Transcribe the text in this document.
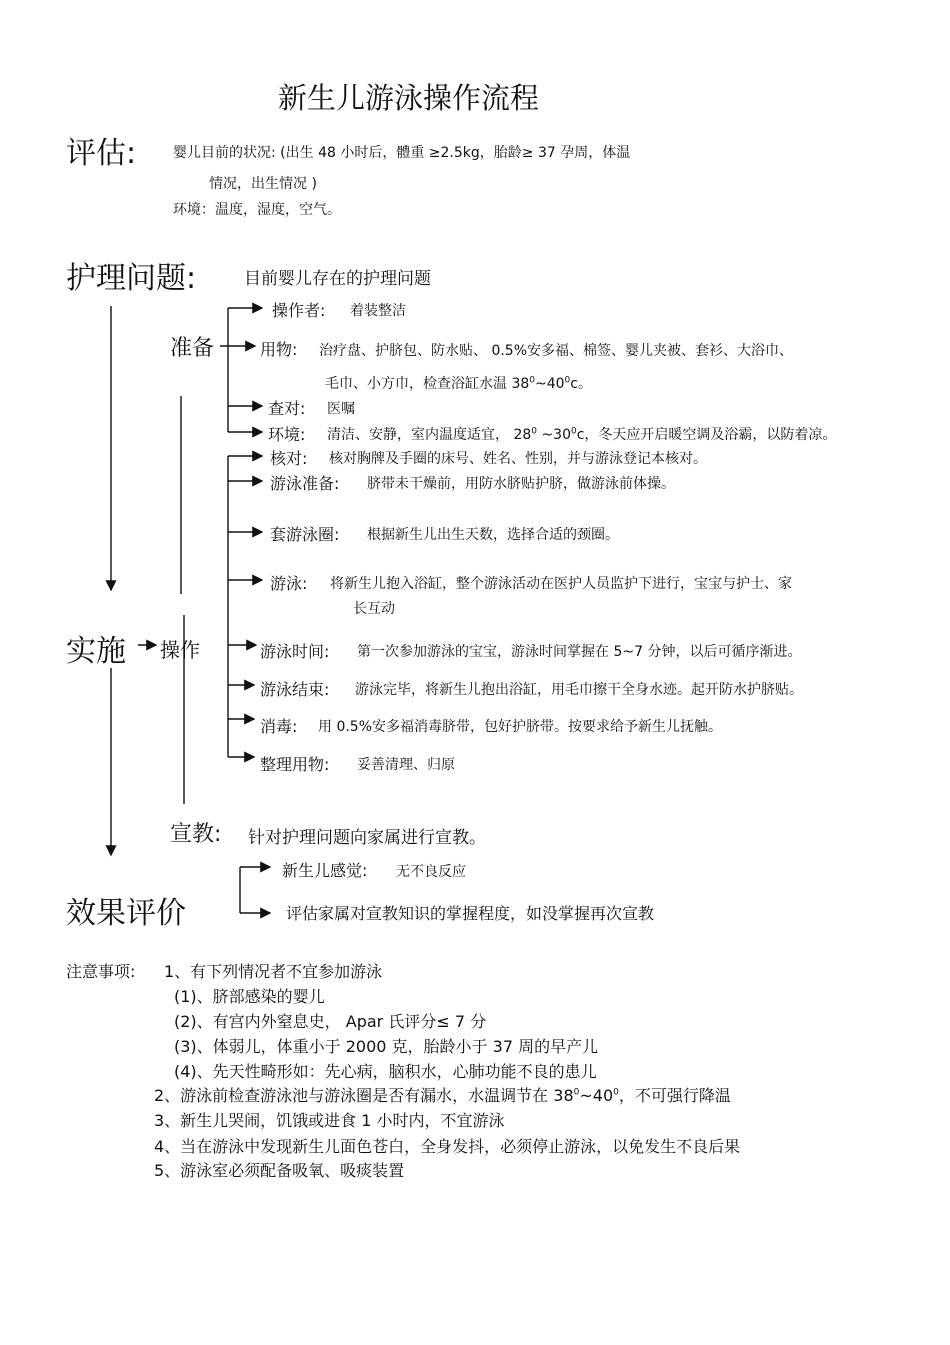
新生儿游泳操作流程
评估:	婴儿目前的状况: (出生 48 小时后，體重 ≥2.5kg，胎龄≥ 37 孕周，体温
情况，出生情况 )
环境：温度，湿度，空气。
护理问题:	目前婴儿存在的护理问题
准备
操作者: 着装整洁
用物: 治疗盘、护脐包、防水贴、 0.5%安多福、棉签、婴儿夹被、套衫、大浴巾、
毛巾、小方巾，检查浴缸水温 $38^0\sim 40^0c$。
查对: 医嘱
环境: 清洁、安静，室内温度适宜， $28^0$ $\sim 30^0c$，冬天应开启暖空调及浴霸，以防着凉。
实施 操作
核对: 核对胸牌及手圈的床号、姓名、性别，并与游泳登记本核对。
游泳准备: 脐带未干燥前，用防水脐贴护脐，做游泳前体操。
套游泳圈: 根据新生儿出生天数，选择合适的颈圈。
游泳: 将新生儿抱入浴缸，整个游泳活动在医护人员监护下进行，宝宝与护士、家
长互动
游泳时间: 第一次参加游泳的宝宝，游泳时间掌握在 5~7 分钟，以后可循序渐进。
游泳结束: 游泳完毕，将新生儿抱出浴缸，用毛巾擦干全身水迹。起开防水护脐贴。
消毒: 用 0.5%安多福消毒脐带，包好护脐带。按要求给予新生儿抚触。
整理用物: 妥善清理、归原
宣教: 针对护理问题向家属进行宣教。
效果评价
新生儿感觉: 无不良反应
评估家属对宣教知识的掌握程度，如没掌握再次宣教
注意事项: 1、有下列情况者不宜参加游泳
(1)、脐部感染的婴儿
(2)、有宫内外窒息史， Apar 氏评分≤ 7 分
(3)、体弱儿，体重小于 2000 克，胎龄小于 37 周的早产儿
(4)、先天性畸形如：先心病，脑积水，心肺功能不良的患儿
2、游泳前检查游泳池与游泳圈是否有漏水，水温调节在 $38^0\sim 40^0$，不可强行降温
3、新生儿哭闹，饥饿或进食 1 小时内，不宜游泳
4、当在游泳中发现新生儿面色苍白，全身发抖，必须停止游泳，以免发生不良后果
5、游泳室必须配备吸氧、吸痰装置
